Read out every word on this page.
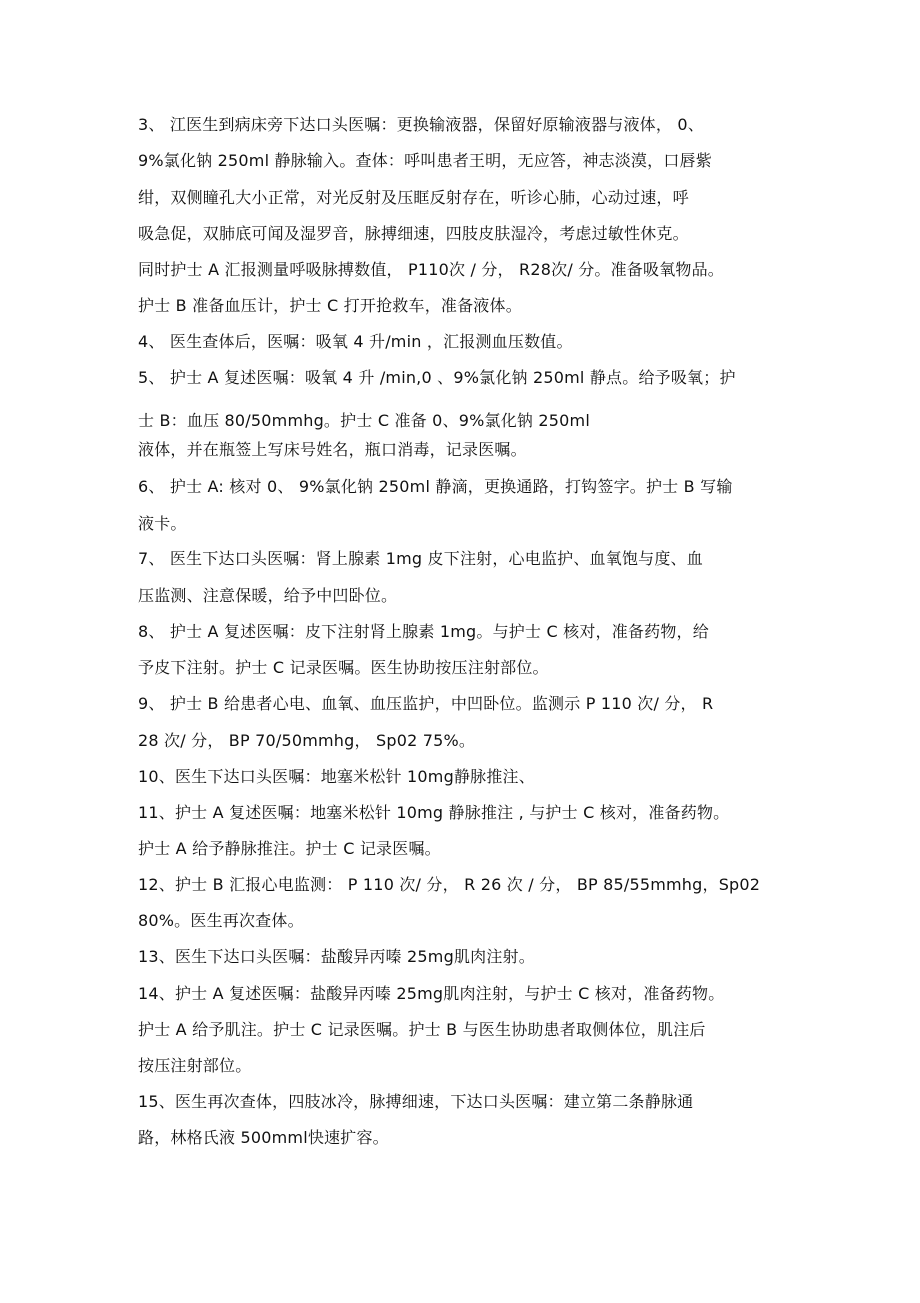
3、 江医生到病床旁下达口头医嘱：更换输液器，保留好原输液器与液体， 0、
9%氯化钠 250ml 静脉输入。查体：呼叫患者王明，无应答，神志淡漠，口唇紫
绀，双侧瞳孔大小正常，对光反射及压眶反射存在，听诊心肺，心动过速，呼
吸急促，双肺底可闻及湿罗音，脉搏细速，四肢皮肤湿冷，考虑过敏性休克。
同时护士 A 汇报测量呼吸脉搏数值， P110次 / 分， R28次/ 分。准备吸氧物品。
护士 B 准备血压计，护士 C 打开抢救车，准备液体。
4、 医生查体后，医嘱：吸氧 4 升/min ，汇报测血压数值。
5、 护士 A 复述医嘱：吸氧 4 升 /min,0 、9%氯化钠 250ml 静点。给予吸氧；护
士 B：血压 80/50mmhg。护士 C 准备 0、9%氯化钠 250ml
液体，并在瓶签上写床号姓名，瓶口消毒，记录医嘱。
6、 护士 A: 核对 0、 9%氯化钠 250ml 静滴，更换通路，打钩签字。护士 B 写输
液卡。
7、 医生下达口头医嘱：肾上腺素 1mg 皮下注射，心电监护、血氧饱与度、血
压监测、注意保暖，给予中凹卧位。
8、 护士 A 复述医嘱：皮下注射肾上腺素 1mg。与护士 C 核对，准备药物，给
予皮下注射。护士 C 记录医嘱。医生协助按压注射部位。
9、 护士 B 给患者心电、血氧、血压监护，中凹卧位。监测示 P 110 次/ 分， R
28 次/ 分， BP 70/50mmhg， Sp02 75%。
10、医生下达口头医嘱：地塞米松针 10mg静脉推注、
11、护士 A 复述医嘱：地塞米松针 10mg 静脉推注 , 与护士 C 核对，准备药物。
护士 A 给予静脉推注。护士 C 记录医嘱。
12、护士 B 汇报心电监测： P 110 次/ 分， R 26 次 / 分， BP 85/55mmhg，Sp02
80%。医生再次查体。
13、医生下达口头医嘱：盐酸异丙嗪 25mg肌肉注射。
14、护士 A 复述医嘱：盐酸异丙嗪 25mg肌肉注射，与护士 C 核对，准备药物。
护士 A 给予肌注。护士 C 记录医嘱。护士 B 与医生协助患者取侧体位，肌注后
按压注射部位。
15、医生再次查体，四肢冰冷，脉搏细速，下达口头医嘱：建立第二条静脉通
路，林格氏液 500mml快速扩容。
